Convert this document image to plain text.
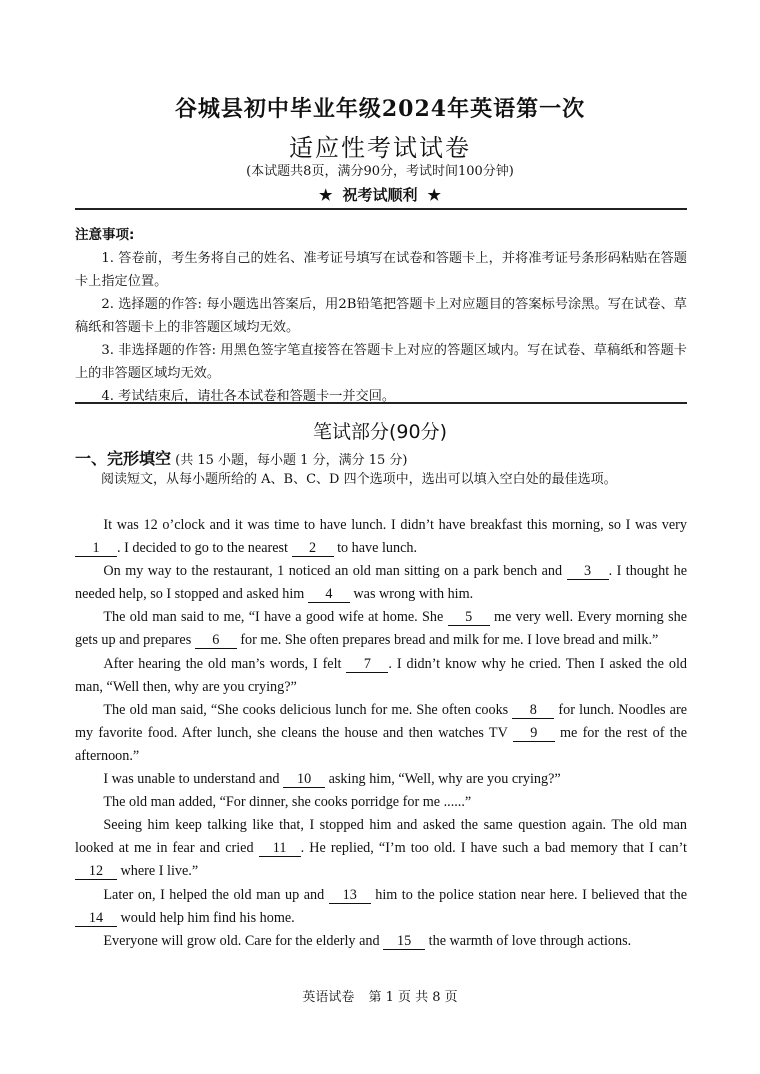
谷城县初中毕业年级2024年英语第一次
适应性考试试卷
(本试题共8页，满分90分，考试时间100分钟)
★ 祝考试顺利 ★
注意事项:

1. 答卷前，考生务将自己的姓名、准考证号填写在试卷和答题卡上，并将准考证号条形码粘贴在答题卡上指定位置。

2. 选择题的作答: 每小题选出答案后，用2B铅笔把答题卡上对应题目的答案标号涂黑。写在试卷、草稿纸和答题卡上的非答题区域均无效。

3. 非选择题的作答: 用黑色签字笔直接答在答题卡上对应的答题区域内。写在试卷、草稿纸和答题卡上的非答题区域均无效。

4. 考试结束后，请壮各本试卷和答题卡一并交回。

笔试部分(90分)
一、完形填空 (共 15 小题，每小题 1 分，满分 15 分)
阅读短文，从每小题所给的 A、B、C、D 四个选项中，选出可以填入空白处的最佳选项。

It was 12 o’clock and it was time to have lunch. I didn’t have breakfast this morning, so I was very 1 . I decided to go to the nearest 2 to have lunch.

On my way to the restaurant, 1 noticed an old man sitting on a park bench and 3 . I thought he needed help, so I stopped and asked him 4 was wrong with him.

The old man said to me, “I have a good wife at home. She 5 me very well. Every morning she gets up and prepares 6 for me. She often prepares bread and milk for me. I love bread and milk.”

After hearing the old man’s words, I felt 7 . I didn’t know why he cried. Then I asked the old man, “Well then, why are you crying?”

The old man said, “She cooks delicious lunch for me. She often cooks 8 for lunch. Noodles are my favorite food. After lunch, she cleans the house and then watches TV 9 me for the rest of the afternoon.”

I was unable to understand and 10 asking him, “Well, why are you crying?”

The old man added, “For dinner, she cooks porridge for me ......”

Seeing him keep talking like that, I stopped him and asked the same question again. The old man looked at me in fear and cried 11 . He replied, “I’m too old. I have such a bad memory that I can’t 12 where I live.”

Later on, I helped the old man up and 13 him to the police station near here. I believed that the 14 would help him find his home.

Everyone will grow old. Care for the elderly and 15 the warmth of love through actions.

英语试卷 第 1 页 共 8 页
